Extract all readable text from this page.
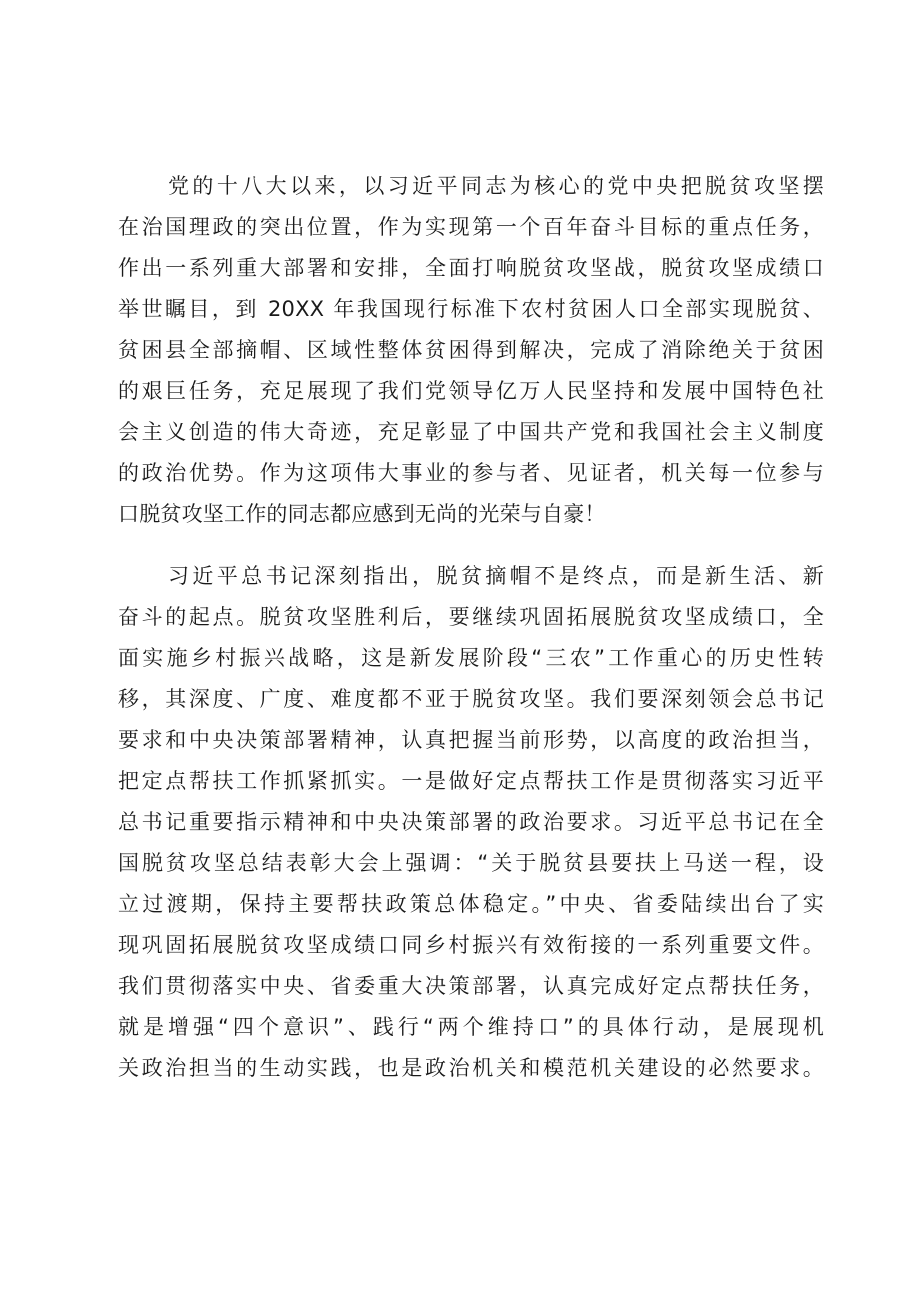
党的十八大以来，以习近平同志为核心的党中央把脱贫攻坚摆
在治国理政的突出位置，作为实现第一个百年奋斗目标的重点任务，
作出一系列重大部署和安排，全面打响脱贫攻坚战，脱贫攻坚成绩口
举世瞩目，到 20XX 年我国现行标准下农村贫困人口全部实现脱贫、
贫困县全部摘帽、区域性整体贫困得到解决，完成了消除绝关于贫困
的艰巨任务，充足展现了我们党领导亿万人民坚持和发展中国特色社
会主义创造的伟大奇迹，充足彰显了中国共产党和我国社会主义制度
的政治优势。作为这项伟大事业的参与者、见证者，机关每一位参与
口脱贫攻坚工作的同志都应感到无尚的光荣与自豪！
习近平总书记深刻指出，脱贫摘帽不是终点，而是新生活、新
奋斗的起点。脱贫攻坚胜利后，要继续巩固拓展脱贫攻坚成绩口，全
面实施乡村振兴战略，这是新发展阶段“三农”工作重心的历史性转
移，其深度、广度、难度都不亚于脱贫攻坚。我们要深刻领会总书记
要求和中央决策部署精神，认真把握当前形势，以高度的政治担当，
把定点帮扶工作抓紧抓实。一是做好定点帮扶工作是贯彻落实习近平
总书记重要指示精神和中央决策部署的政治要求。习近平总书记在全
国脱贫攻坚总结表彰大会上强调：“关于脱贫县要扶上马送一程，设
立过渡期，保持主要帮扶政策总体稳定。”中央、省委陆续出台了实
现巩固拓展脱贫攻坚成绩口同乡村振兴有效衔接的一系列重要文件。
我们贯彻落实中央、省委重大决策部署，认真完成好定点帮扶任务，
就是增强“四个意识”、践行“两个维持口”的具体行动，是展现机
关政治担当的生动实践，也是政治机关和模范机关建设的必然要求。
